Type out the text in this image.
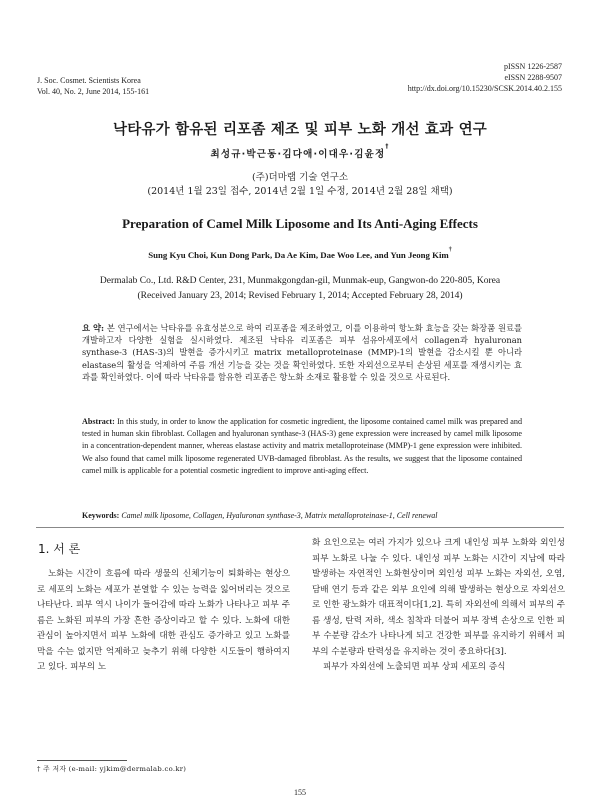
J. Soc. Cosmet. Scientists Korea
Vol. 40, No. 2, June 2014, 155-161
pISSN 1226-2587
eISSN 2288-9507
http://dx.doi.org/10.15230/SCSK.2014.40.2.155
낙타유가 함유된 리포좀 제조 및 피부 노화 개선 효과 연구
최성규·박근동·김다애·이대우·김윤정†
(주)더마랩 기술 연구소
(2014년 1월 23일 접수, 2014년 2월 1일 수정, 2014년 2월 28일 채택)
Preparation of Camel Milk Liposome and Its Anti-Aging Effects
Sung Kyu Choi, Kun Dong Park, Da Ae Kim, Dae Woo Lee, and Yun Jeong Kim†
Dermalab Co., Ltd. R&D Center, 231, Munmakgongdan-gil, Munmak-eup, Gangwon-do 220-805, Korea
(Received January 23, 2014; Revised February 1, 2014; Accepted February 28, 2014)
요 약: 본 연구에서는 낙타유를 유효성분으로 하여 리포좀을 제조하였고, 이를 이용하여 항노화 효능을 갖는 화장품 원료를 개발하고자 다양한 실험을 실시하였다. 제조된 낙타유 리포좀은 피부 섬유아세포에서 collagen과 hyaluronan synthase-3 (HAS-3)의 발현을 증가시키고 matrix metalloproteinase (MMP)-1의 발현을 감소시킬 뿐 아니라 elastase의 활성을 억제하여 주름 개선 기능을 갖는 것을 확인하였다. 또한 자외선으로부터 손상된 세포를 재생시키는 효과를 확인하였다. 이에 따라 낙타유를 함유한 리포좀은 항노화 소재로 활용할 수 있을 것으로 사료된다.
Abstract: In this study, in order to know the application for cosmetic ingredient, the liposome contained camel milk was prepared and tested in human skin fibroblast. Collagen and hyaluronan synthase-3 (HAS-3) gene expression were increased by camel milk liposome in a concentration-dependent manner, whereas elastase activity and matrix metalloproteinase (MMP)-1 gene expression were inhibited. We also found that camel milk liposome regenerated UVB-damaged fibroblast. As the results, we suggest that the liposome contained camel milk is applicable for a potential cosmetic ingredient to improve anti-aging effect.
Keywords: Camel milk liposome, Collagen, Hyaluronan synthase-3, Matrix metalloproteinase-1, Cell renewal
1. 서 론
노화는 시간이 흐름에 따라 생물의 신체기능이 퇴화하는 현상으로 세포의 노화는 세포가 분열할 수 있는 능력을 잃어버리는 것으로 나타난다. 피부 역시 나이가 들어감에 따라 노화가 나타나고 피부 주름은 노화된 피부의 가장 흔한 증상이라고 할 수 있다. 노화에 대한 관심이 높아지면서 피부 노화에 대한 관심도 증가하고 있고 노화를 막을 수는 없지만 억제하고 늦추기 위해 다양한 시도들이 행하여지고 있다. 피부의 노
화 요인으로는 여러 가지가 있으나 크게 내인성 피부 노화와 외인성 피부 노화로 나눌 수 있다. 내인성 피부 노화는 시간이 지남에 따라 발생하는 자연적인 노화현상이며 외인성 피부 노화는 자외선, 오염, 담배 연기 등과 같은 외부 요인에 의해 발생하는 현상으로 자외선으로 인한 광노화가 대표적이다[1,2]. 특히 자외선에 의해서 피부의 주름 생성, 탄력 저하, 색소 침착과 더불어 피부 장벽 손상으로 인한 피부 수분량 감소가 나타나게 되고 건강한 피부를 유지하기 위해서 피부의 수분량과 탄력성을 유지하는 것이 중요하다[3].
피부가 자외선에 노출되면 피부 상피 세포의 증식
† 주 저자 (e-mail: yjkim@dermalab.co.kr)
155
